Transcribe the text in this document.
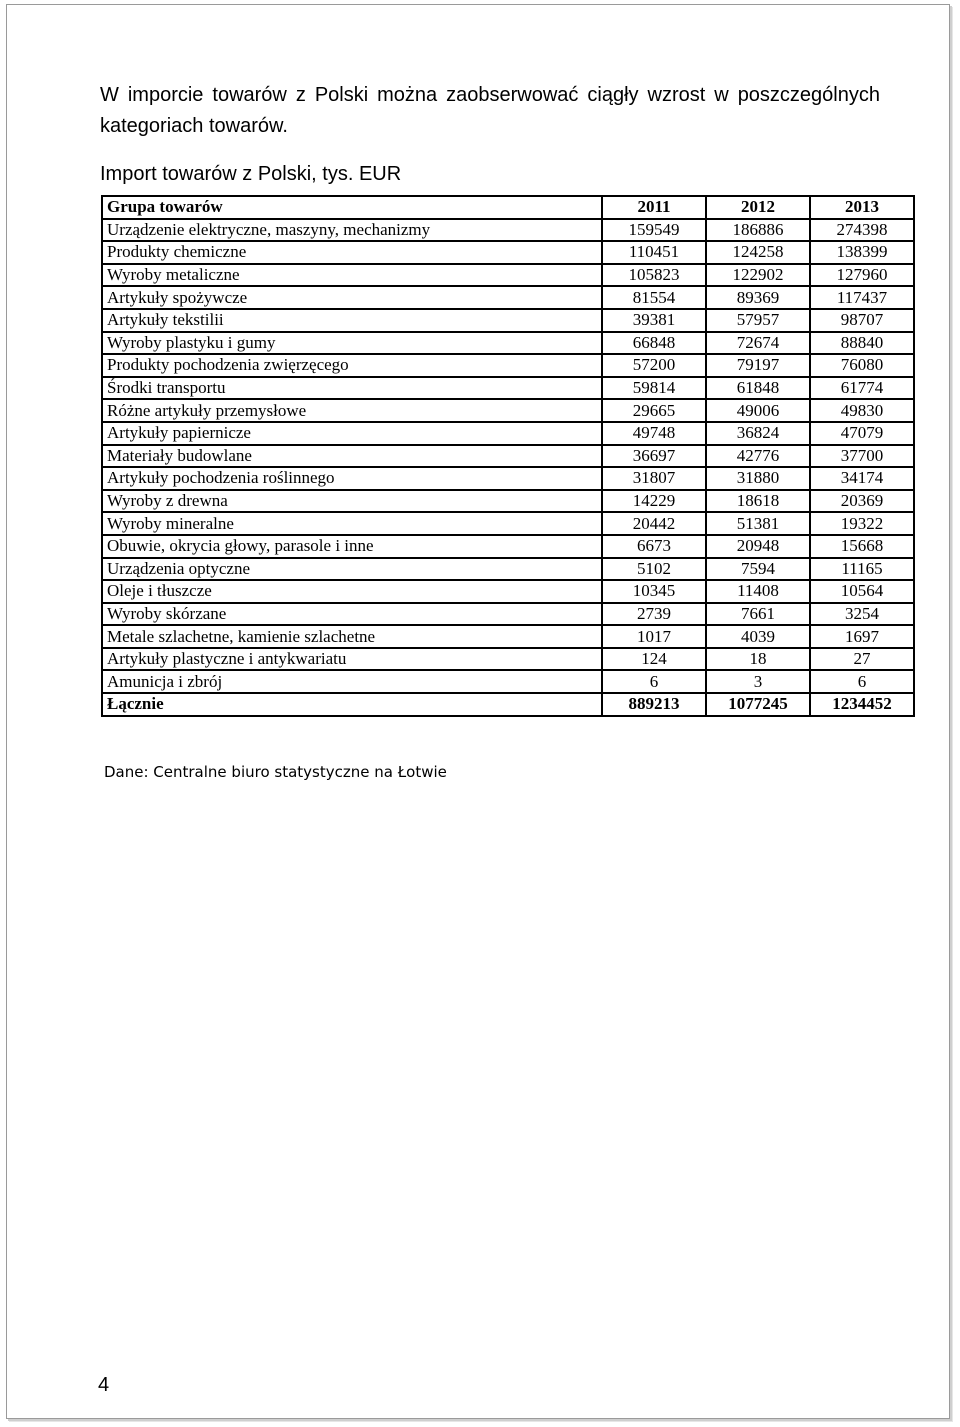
W imporcie towarów z Polski można zaobserwować ciągły wzrost w poszczególnych kategoriach towarów.

Import towarów z Polski, tys. EUR
Grupa towarów	2011	2012	2013
Urządzenie elektryczne, maszyny, mechanizmy	159549	186886	274398
Produkty chemiczne	110451	124258	138399
Wyroby metaliczne	105823	122902	127960
Artykuły spożywcze	81554	89369	117437
Artykuły tekstilii	39381	57957	98707
Wyroby plastyku i gumy	66848	72674	88840
Produkty pochodzenia zwięrzęcego	57200	79197	76080
Środki transportu	59814	61848	61774
Różne artykuły przemysłowe	29665	49006	49830
Artykuły papiernicze	49748	36824	47079
Materiały budowlane	36697	42776	37700
Artykuły pochodzenia roślinnego	31807	31880	34174
Wyroby z drewna	14229	18618	20369
Wyroby mineralne	20442	51381	19322
Obuwie, okrycia głowy, parasole i inne	6673	20948	15668
Urządzenia optyczne	5102	7594	11165
Oleje i tłuszcze	10345	11408	10564
Wyroby skórzane	2739	7661	3254
Metale szlachetne, kamienie szlachetne	1017	4039	1697
Artykuły plastyczne i antykwariatu	124	18	27
Amunicja i zbrój	6	3	6
Łącznie	889213	1077245	1234452
Dane: Centralne biuro statystyczne na Łotwie
4
